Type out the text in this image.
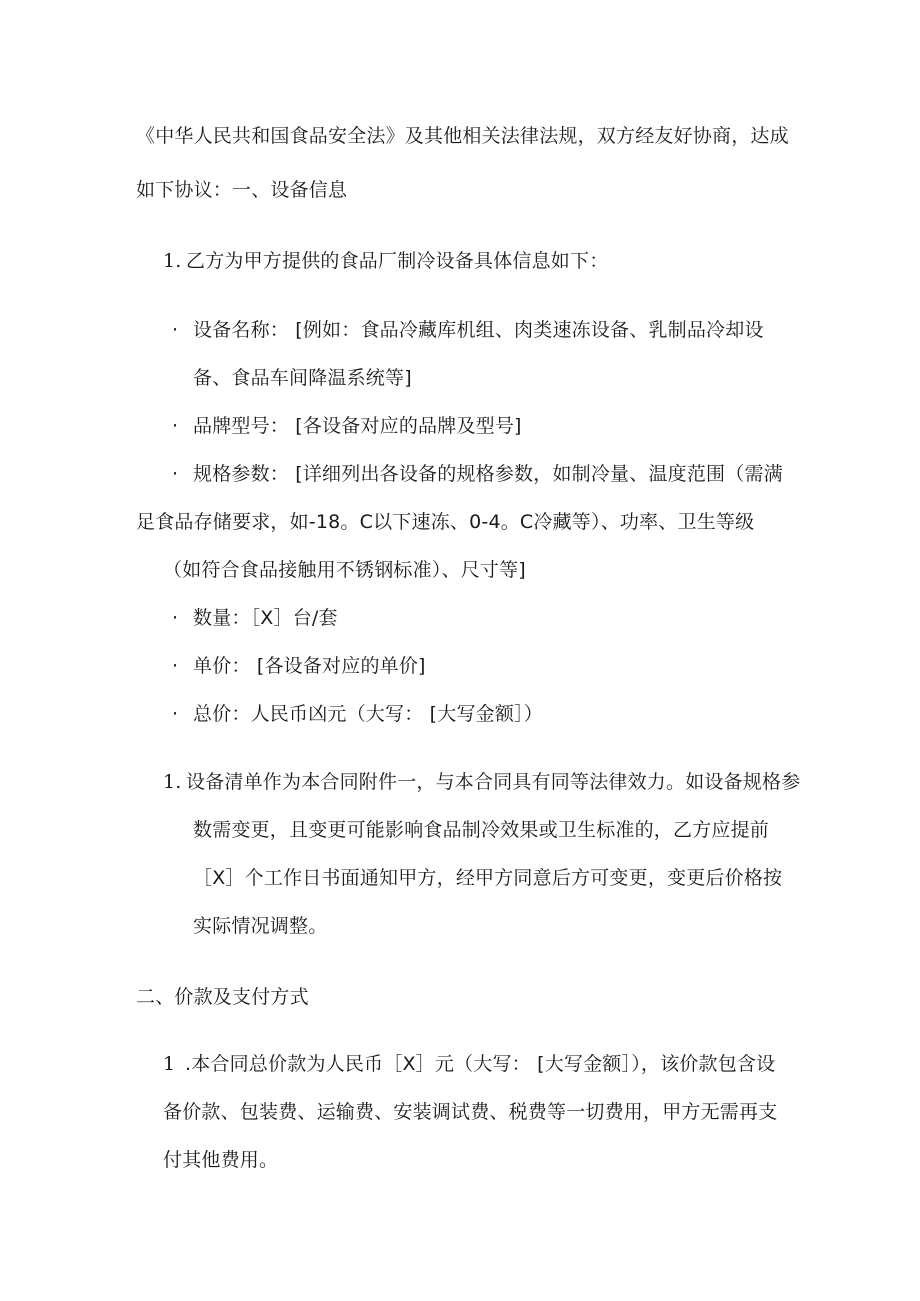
《中华人民共和国食品安全法》及其他相关法律法规，双方经友好协商，达成
如下协议：一、设备信息
1. 乙方为甲方提供的食品厂制冷设备具体信息如下：
· 设备名称： [例如：食品冷藏库机组、肉类速冻设备、乳制品冷却设
备、食品车间降温系统等]
· 品牌型号： [各设备对应的品牌及型号]
· 规格参数： [详细列出各设备的规格参数，如制冷量、温度范围（需满
足食品存储要求，如-18。C以下速冻、0-4。C冷藏等）、功率、卫生等级
（如符合食品接触用不锈钢标准）、尺寸等]
· 数量：［X］台/套
· 单价： [各设备对应的单价]
· 总价：人民币凶元（大写： [大写金额］）
1. 设备清单作为本合同附件一，与本合同具有同等法律效力。如设备规格参
数需变更，且变更可能影响食品制冷效果或卫生标准的，乙方应提前
［X］个工作日书面通知甲方，经甲方同意后方可变更，变更后价格按
实际情况调整。
二、价款及支付方式
1 .本合同总价款为人民币［X］元（大写： [大写金额］），该价款包含设
备价款、包装费、运输费、安装调试费、税费等一切费用，甲方无需再支
付其他费用。
